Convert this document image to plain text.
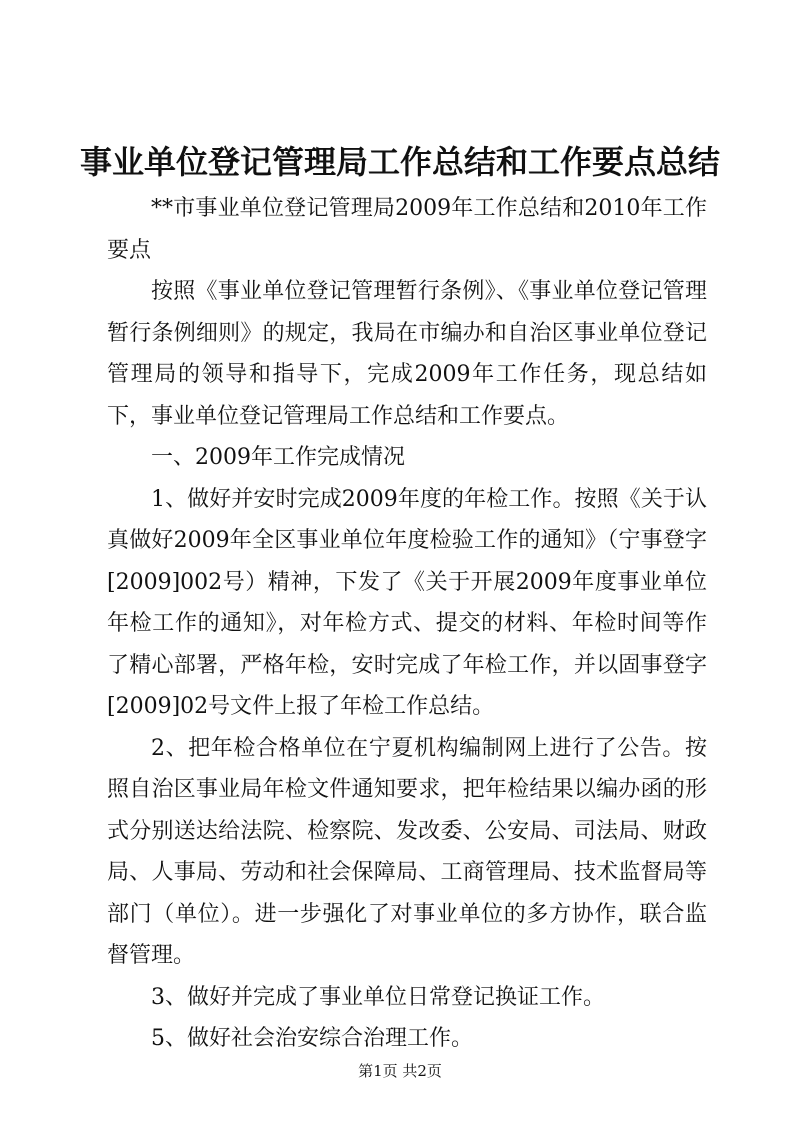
事业单位登记管理局工作总结和工作要点总结

**市事业单位登记管理局2009年工作总结和2010年工作要点

按照《事业单位登记管理暂行条例》、《事业单位登记管理暂行条例细则》的规定，我局在市编办和自治区事业单位登记管理局的领导和指导下，完成2009年工作任务，现总结如下，事业单位登记管理局工作总结和工作要点。

一、2009年工作完成情况

1、做好并安时完成2009年度的年检工作。按照《关于认真做好2009年全区事业单位年度检验工作的通知》（宁事登字[2009]002号）精神，下发了《关于开展2009年度事业单位年检工作的通知》，对年检方式、提交的材料、年检时间等作了精心部署，严格年检，安时完成了年检工作，并以固事登字[2009]02号文件上报了年检工作总结。

2、把年检合格单位在宁夏机构编制网上进行了公告。按照自治区事业局年检文件通知要求，把年检结果以编办函的形式分别送达给法院、检察院、发改委、公安局、司法局、财政局、人事局、劳动和社会保障局、工商管理局、技术监督局等部门（单位）。进一步强化了对事业单位的多方协作，联合监督管理。

3、做好并完成了事业单位日常登记换证工作。

5、做好社会治安综合治理工作。

第1页 共2页
